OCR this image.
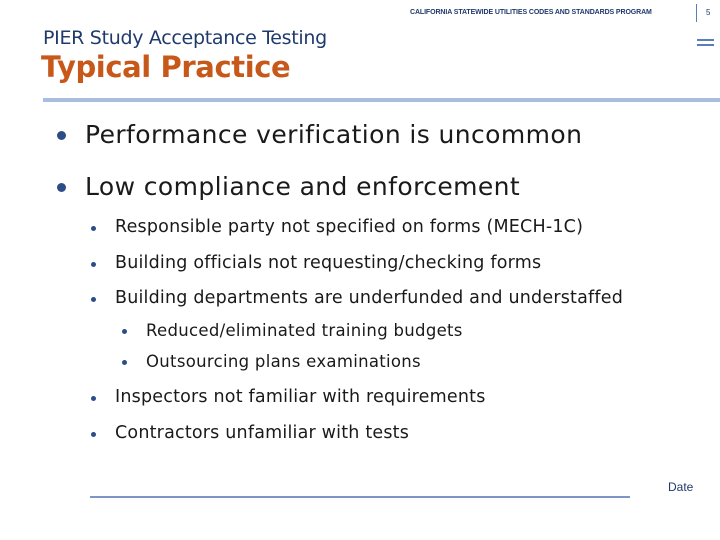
CALIFORNIA STATEWIDE UTILITIES CODES AND STANDARDS PROGRAM	5
PIER Study Acceptance Testing
Typical Practice
Performance verification is uncommon
Low compliance and enforcement
Responsible party not specified on forms (MECH-1C)
Building officials not requesting/checking forms
Building departments are underfunded and understaffed
Reduced/eliminated training budgets
Outsourcing plans examinations
Inspectors not familiar with requirements
Contractors unfamiliar with tests
Date
